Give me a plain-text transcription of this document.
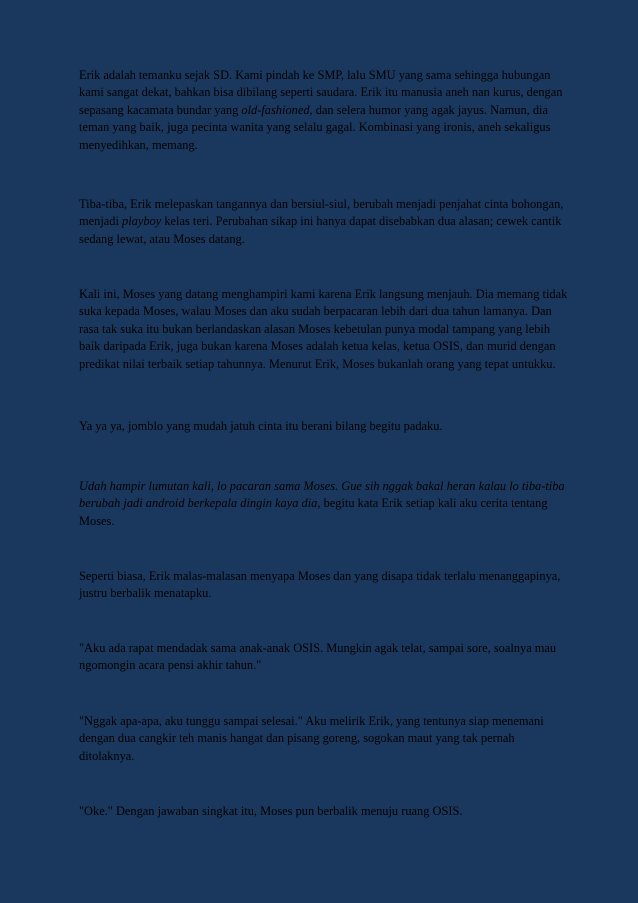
Erik adalah temanku sejak SD. Kami pindah ke SMP, lalu SMU yang sama sehingga hubungan kami sangat dekat, bahkan bisa dibilang seperti saudara. Erik itu manusia aneh nan kurus, dengan sepasang kacamata bundar yang old-fashioned, dan selera humor yang agak jayus. Namun, dia teman yang baik, juga pecinta wanita yang selalu gagal. Kombinasi yang ironis, aneh sekaligus menyedihkan, memang.

Tiba-tiba, Erik melepaskan tangannya dan bersiul-siul, berubah menjadi penjahat cinta bohongan, menjadi playboy kelas teri. Perubahan sikap ini hanya dapat disebabkan dua alasan; cewek cantik sedang lewat, atau Moses datang.

Kali ini, Moses yang datang menghampiri kami karena Erik langsung menjauh. Dia memang tidak suka kepada Moses, walau Moses dan aku sudah berpacaran lebih dari dua tahun lamanya. Dan rasa tak suka itu bukan berlandaskan alasan Moses kebetulan punya modal tampang yang lebih baik daripada Erik, juga bukan karena Moses adalah ketua kelas, ketua OSIS, dan murid dengan predikat nilai terbaik setiap tahunnya. Menurut Erik, Moses bukanlah orang yang tepat untukku.

Ya ya ya, jomblo yang mudah jatuh cinta itu berani bilang begitu padaku.

Udah hampir lumutan kali, lo pacaran sama Moses. Gue sih nggak bakal heran kalau lo tiba-tiba berubah jadi android berkepala dingin kaya dia, begitu kata Erik setiap kali aku cerita tentang Moses.

Seperti biasa, Erik malas-malasan menyapa Moses dan yang disapa tidak terlalu menanggapinya, justru berbalik menatapku.

"Aku ada rapat mendadak sama anak-anak OSIS. Mungkin agak telat, sampai sore, soalnya mau ngomongin acara pensi akhir tahun."

"Nggak apa-apa, aku tunggu sampai selesai." Aku melirik Erik, yang tentunya siap menemani dengan dua cangkir teh manis hangat dan pisang goreng, sogokan maut yang tak pernah ditolaknya.

"Oke." Dengan jawaban singkat itu, Moses pun berbalik menuju ruang OSIS.
